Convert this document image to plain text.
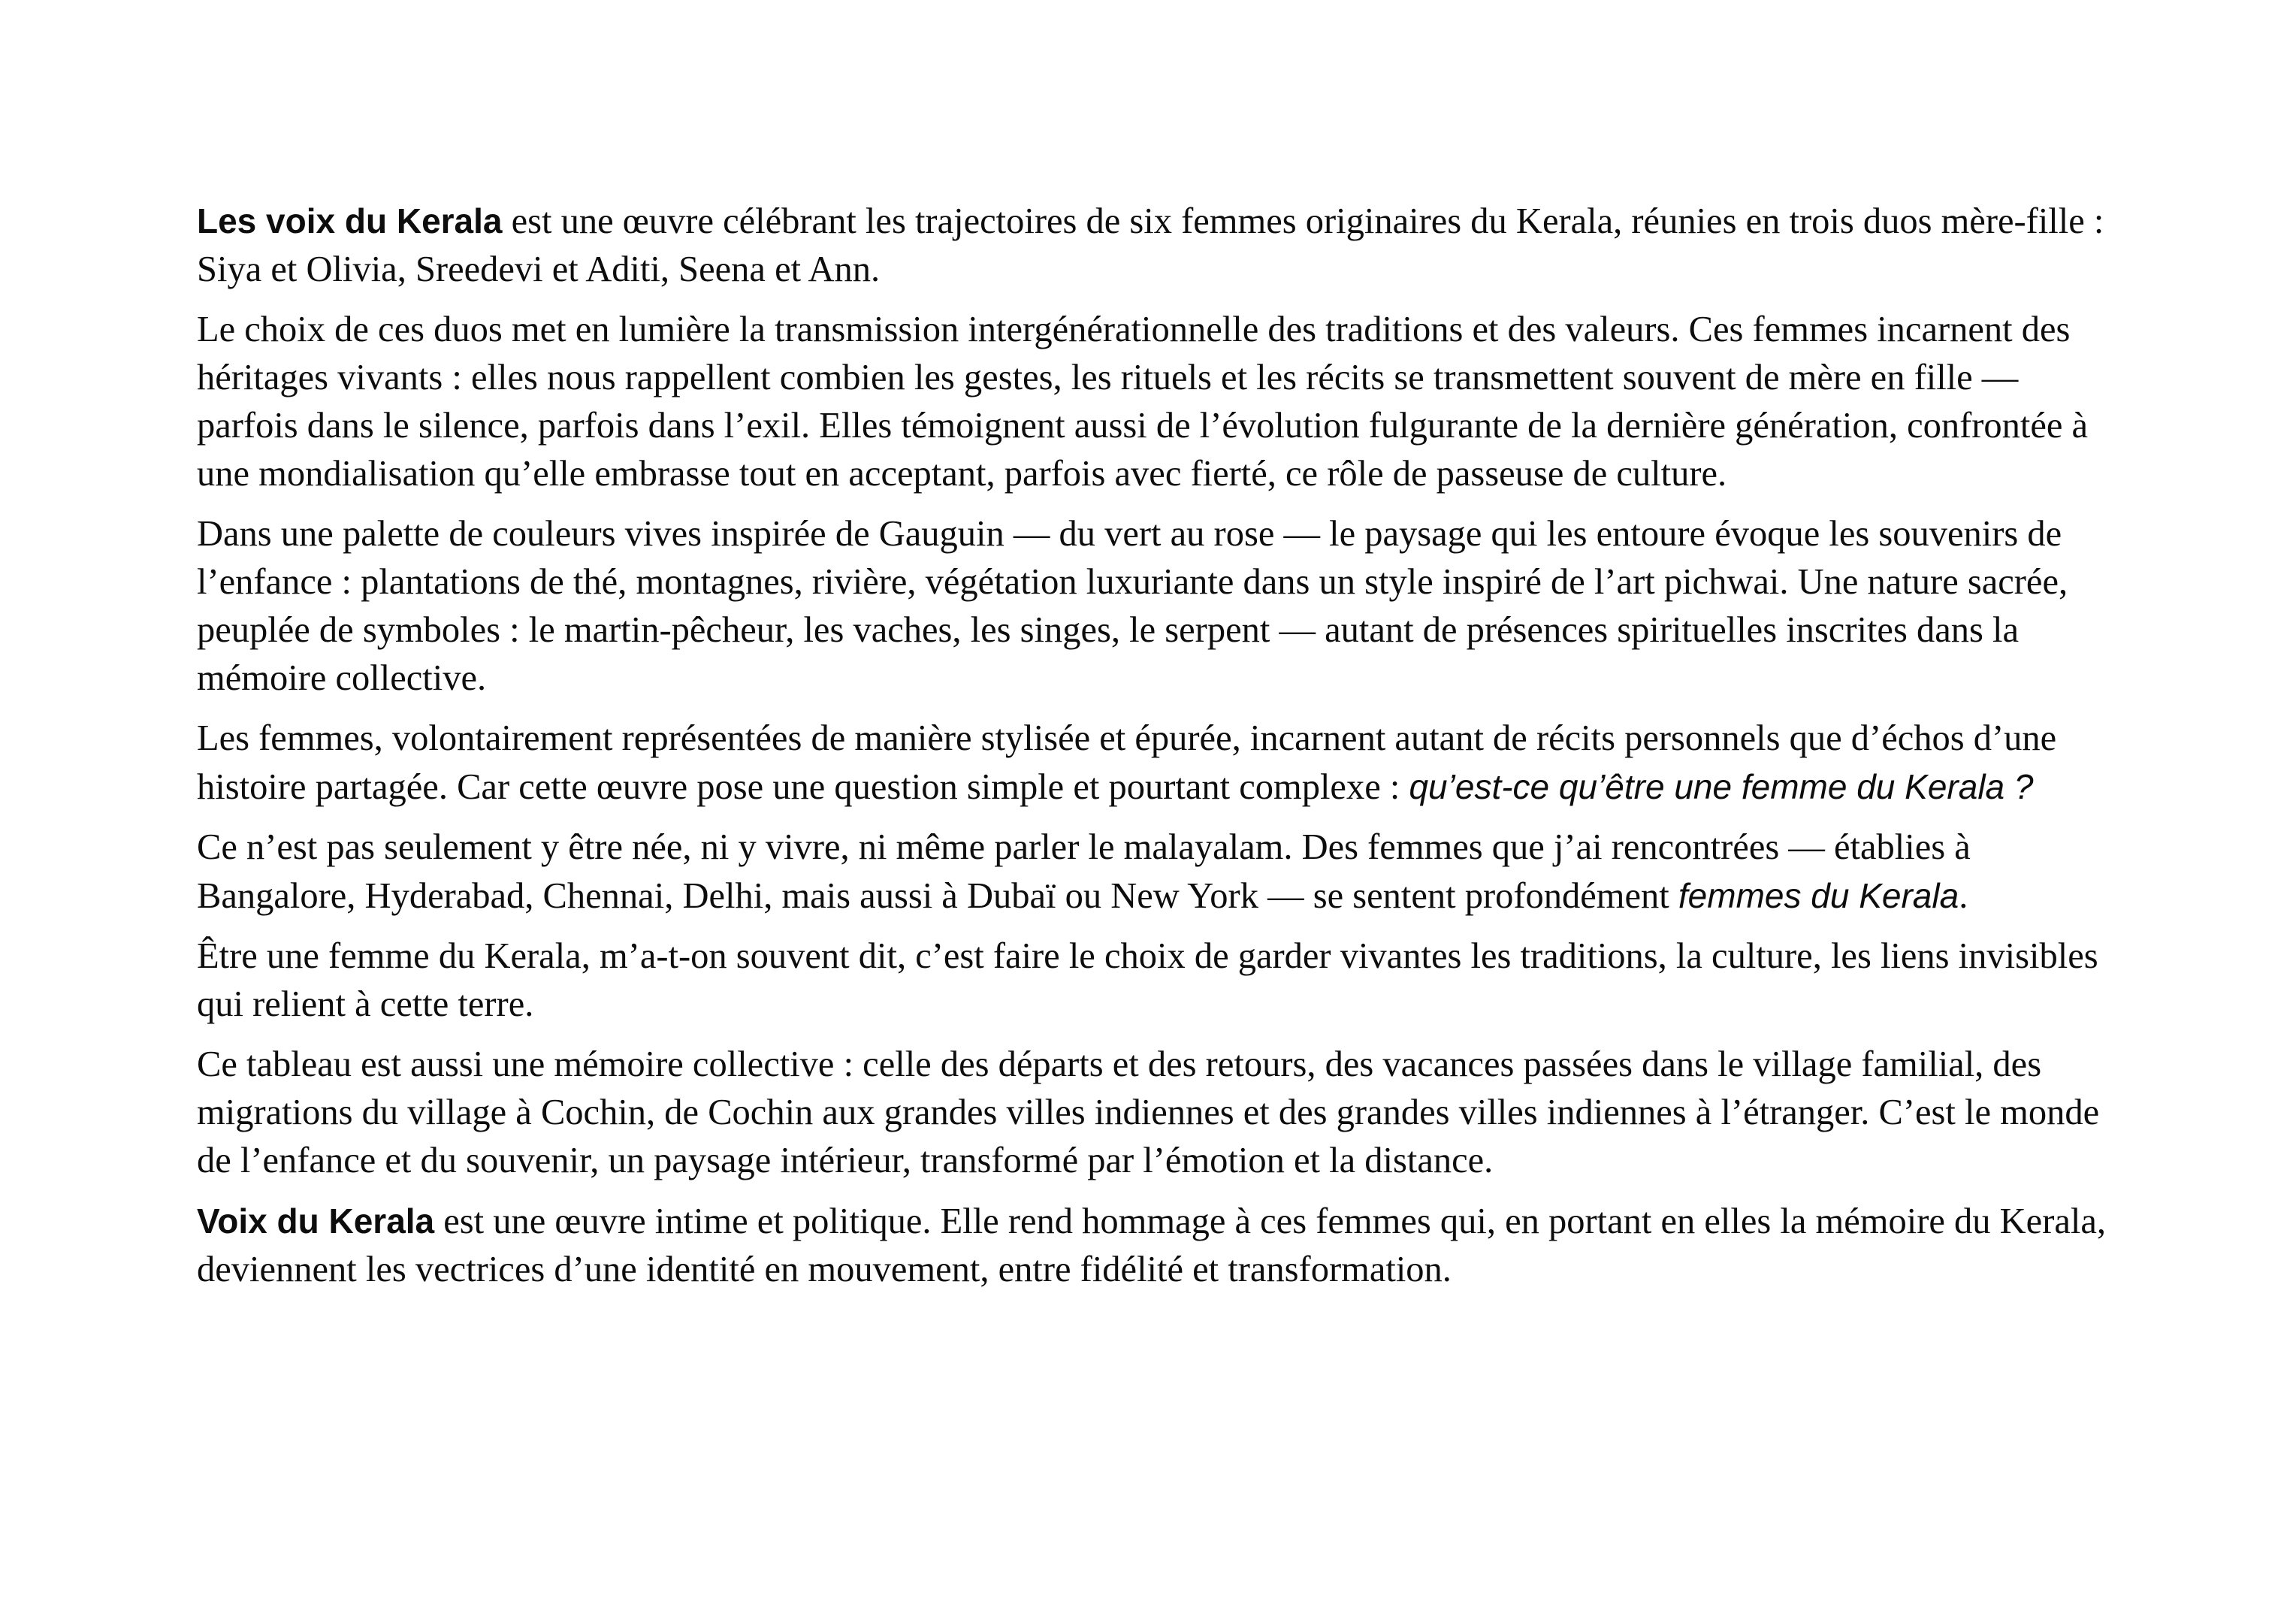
Les voix du Kerala est une œuvre célébrant les trajectoires de six femmes originaires du Kerala, réunies en trois duos mère-fille : Siya et Olivia, Sreedevi et Aditi, Seena et Ann.

Le choix de ces duos met en lumière la transmission intergénérationnelle des traditions et des valeurs. Ces femmes incarnent des héritages vivants : elles nous rappellent combien les gestes, les rituels et les récits se transmettent souvent de mère en fille — parfois dans le silence, parfois dans l’exil. Elles témoignent aussi de l’évolution fulgurante de la dernière génération, confrontée à une mondialisation qu’elle embrasse tout en acceptant, parfois avec fierté, ce rôle de passeuse de culture.

Dans une palette de couleurs vives inspirée de Gauguin — du vert au rose — le paysage qui les entoure évoque les souvenirs de l’enfance : plantations de thé, montagnes, rivière, végétation luxuriante dans un style inspiré de l’art pichwai. Une nature sacrée, peuplée de symboles : le martin-pêcheur, les vaches, les singes, le serpent — autant de présences spirituelles inscrites dans la mémoire collective.

Les femmes, volontairement représentées de manière stylisée et épurée, incarnent autant de récits personnels que d’échos d’une histoire partagée. Car cette œuvre pose une question simple et pourtant complexe : qu’est-ce qu’être une femme du Kerala ?

Ce n’est pas seulement y être née, ni y vivre, ni même parler le malayalam. Des femmes que j’ai rencontrées — établies à Bangalore, Hyderabad, Chennai, Delhi, mais aussi à Dubaï ou New York — se sentent profondément femmes du Kerala.

Être une femme du Kerala, m’a-t-on souvent dit, c’est faire le choix de garder vivantes les traditions, la culture, les liens invisibles qui relient à cette terre.

Ce tableau est aussi une mémoire collective : celle des départs et des retours, des vacances passées dans le village familial, des migrations du village à Cochin, de Cochin aux grandes villes indiennes et des grandes villes indiennes à l’étranger. C’est le monde de l’enfance et du souvenir, un paysage intérieur, transformé par l’émotion et la distance.

Voix du Kerala est une œuvre intime et politique. Elle rend hommage à ces femmes qui, en portant en elles la mémoire du Kerala, deviennent les vectrices d’une identité en mouvement, entre fidélité et transformation.
